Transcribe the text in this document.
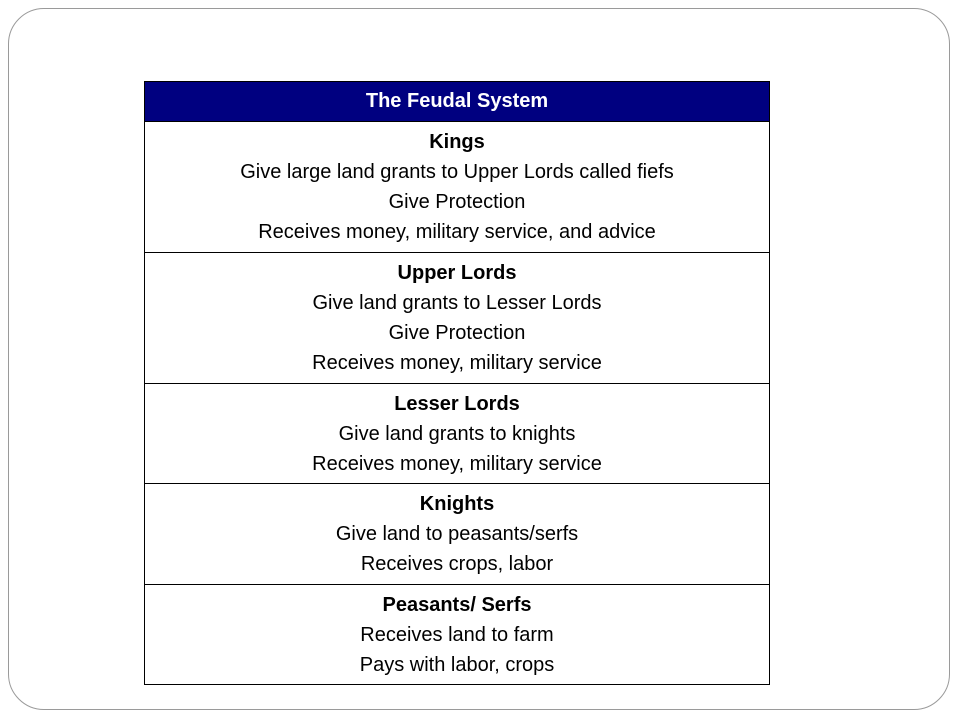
The Feudal System

Kings
Give large land grants to Upper Lords called fiefs
Give Protection
Receives money, military service, and advice

Upper Lords
Give land grants to Lesser Lords
Give Protection
Receives money, military service

Lesser Lords
Give land grants to knights
Receives money, military service

Knights
Give land to peasants/serfs
Receives crops, labor

Peasants/ Serfs
Receives land to farm
Pays with labor, crops
